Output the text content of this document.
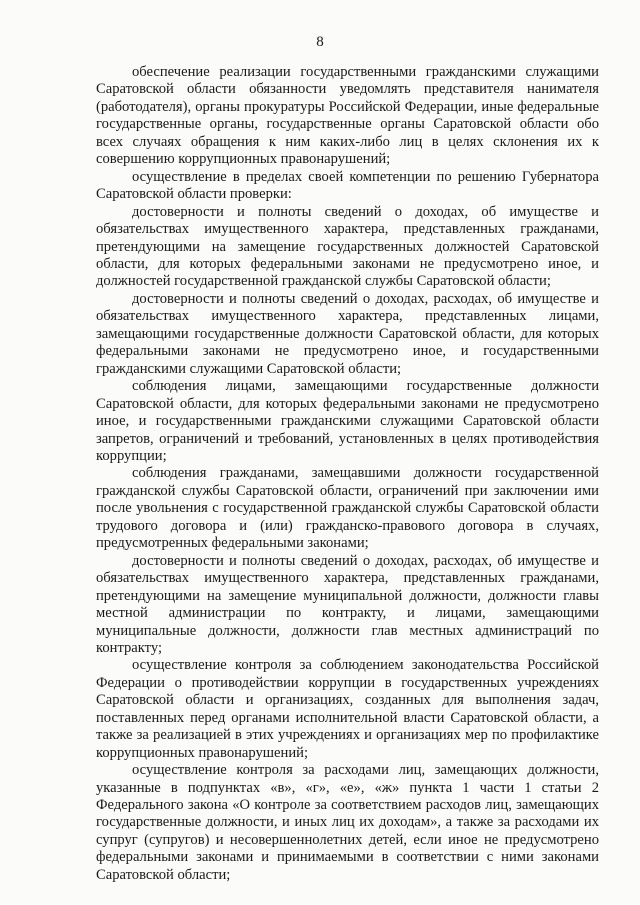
8

обеспечение реализации государственными гражданскими служащими Саратовской области обязанности уведомлять представителя нанимателя (работодателя), органы прокуратуры Российской Федерации, иные федеральные государственные органы, государственные органы Саратовской области обо всех случаях обращения к ним каких-либо лиц в целях склонения их к совершению коррупционных правонарушений;

осуществление в пределах своей компетенции по решению Губернатора Саратовской области проверки:

достоверности и полноты сведений о доходах, об имуществе и обязательствах имущественного характера, представленных гражданами, претендующими на замещение государственных должностей Саратовской области, для которых федеральными законами не предусмотрено иное, и должностей государственной гражданской службы Саратовской области;

достоверности и полноты сведений о доходах, расходах, об имуществе и обязательствах имущественного характера, представленных лицами, замещающими государственные должности Саратовской области, для которых федеральными законами не предусмотрено иное, и государственными гражданскими служащими Саратовской области;

соблюдения лицами, замещающими государственные должности Саратовской области, для которых федеральными законами не предусмотрено иное, и государственными гражданскими служащими Саратовской области запретов, ограничений и требований, установленных в целях противодействия коррупции;

соблюдения гражданами, замещавшими должности государственной гражданской службы Саратовской области, ограничений при заключении ими после увольнения с государственной гражданской службы Саратовской области трудового договора и (или) гражданско-правового договора в случаях, предусмотренных федеральными законами;

достоверности и полноты сведений о доходах, расходах, об имуществе и обязательствах имущественного характера, представленных гражданами, претендующими на замещение муниципальной должности, должности главы местной администрации по контракту, и лицами, замещающими муниципальные должности, должности глав местных администраций по контракту;

осуществление контроля за соблюдением законодательства Российской Федерации о противодействии коррупции в государственных учреждениях Саратовской области и организациях, созданных для выполнения задач, поставленных перед органами исполнительной власти Саратовской области, а также за реализацией в этих учреждениях и организациях мер по профилактике коррупционных правонарушений;

осуществление контроля за расходами лиц, замещающих должности, указанные в подпунктах «в», «г», «е», «ж» пункта 1 части 1 статьи 2 Федерального закона «О контроле за соответствием расходов лиц, замещающих государственные должности, и иных лиц их доходам», а также за расходами их супруг (супругов) и несовершеннолетних детей, если иное не предусмотрено федеральными законами и принимаемыми в соответствии с ними законами Саратовской области;
